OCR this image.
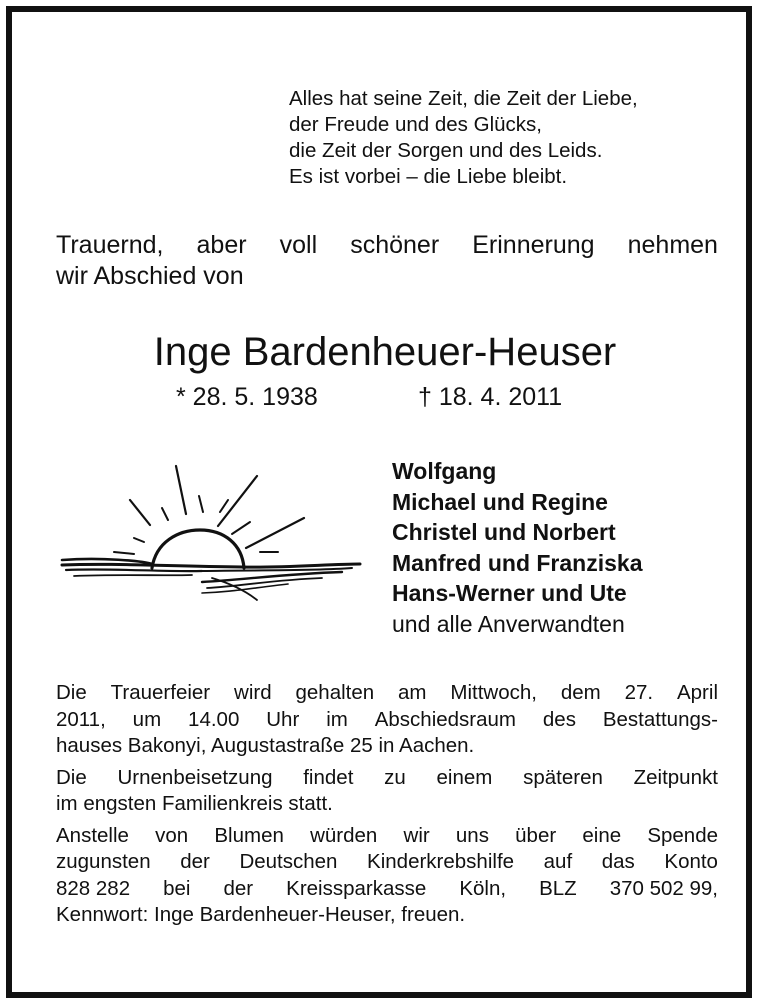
Alles hat seine Zeit, die Zeit der Liebe,
der Freude und des Glücks,
die Zeit der Sorgen und des Leids.
Es ist vorbei – die Liebe bleibt.
Trauernd, aber voll schöner Erinnerung nehmen
wir Abschied von
Inge Bardenheuer-Heuser
* 28. 5. 1938	† 18. 4. 2011
Wolfgang
Michael und Regine
Christel und Norbert
Manfred und Franziska
Hans-Werner und Ute
und alle Anverwandten
Die Trauerfeier wird gehalten am Mittwoch, dem 27. April
2011, um 14.00 Uhr im Abschiedsraum des Bestattungs-
hauses Bakonyi, Augustastraße 25 in Aachen.
Die Urnenbeisetzung findet zu einem späteren Zeitpunkt
im engsten Familienkreis statt.
Anstelle von Blumen würden wir uns über eine Spende
zugunsten der Deutschen Kinderkrebshilfe auf das Konto
828 282 bei der Kreissparkasse Köln, BLZ 370 502 99,
Kennwort: Inge Bardenheuer-Heuser, freuen.
